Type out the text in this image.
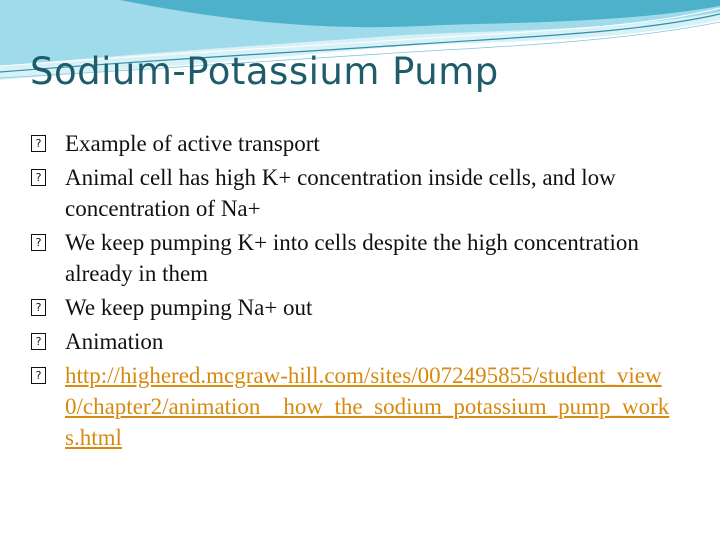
Sodium-Potassium Pump
? Example of active transport
? Animal cell has high K+ concentration inside cells, and low concentration of Na+
? We keep pumping K+ into cells despite the high concentration already in them
? We keep pumping Na+ out
? Animation
? http://highered.mcgraw-hill.com/sites/0072495855/student_view0/chapter2/animation__how_the_sodium_potassium_pump_works.html
